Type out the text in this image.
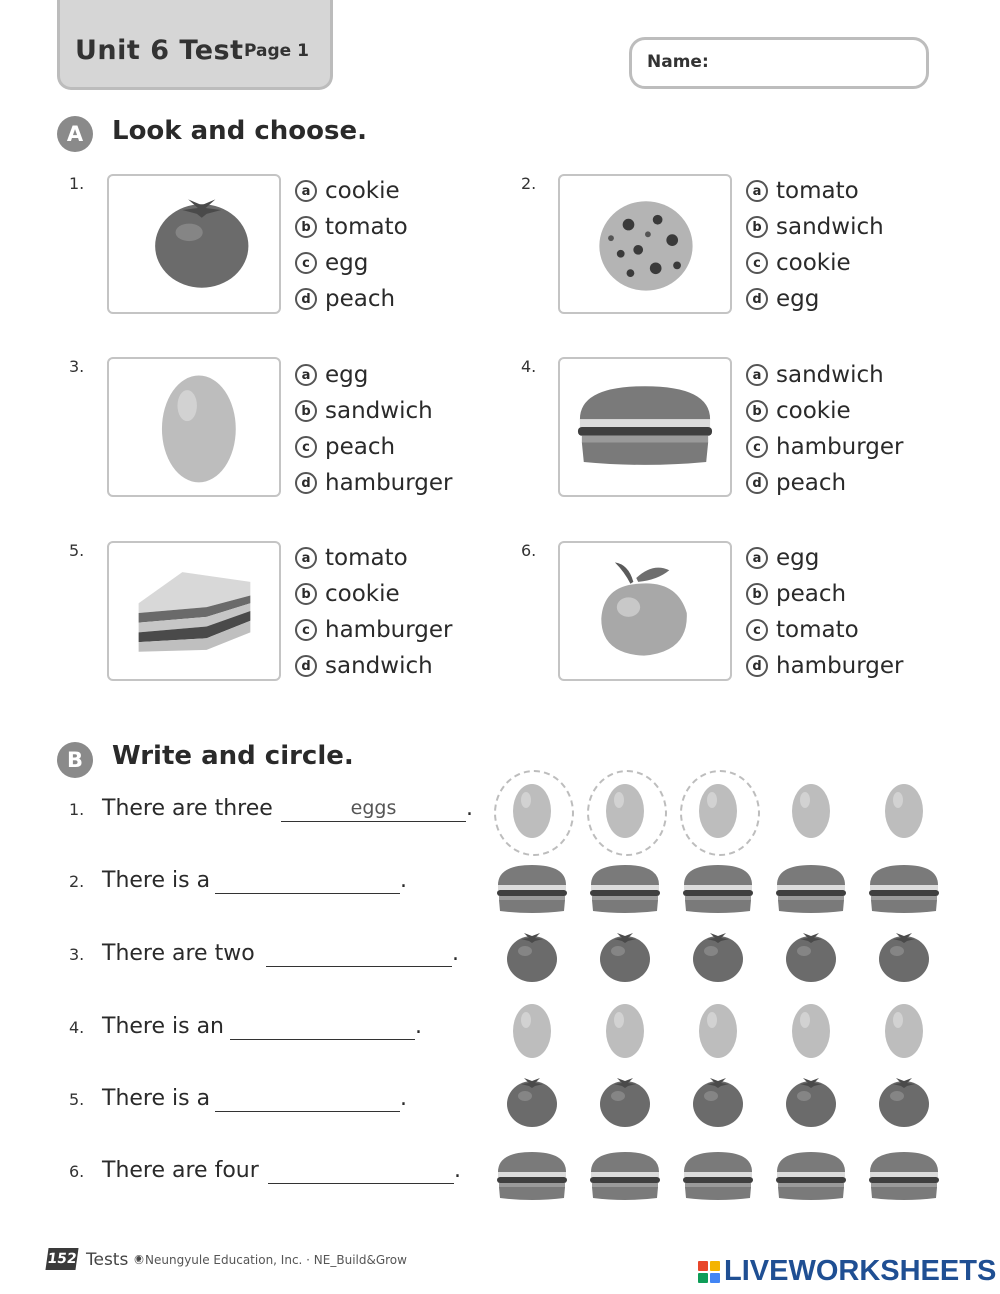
Unit 6 Test Page 1
Name:
A	Look and choose.
1.	a cookie
b tomato
c egg
d peach
2.	a tomato
b sandwich
c cookie
d egg
3.	a egg
b sandwich
c peach
d hamburger
4.	a sandwich
b cookie
c hamburger
d peach
5.	a tomato
b cookie
c hamburger
d sandwich
6.	a egg
b peach
c tomato
d hamburger
B	Write and circle.
1. There are three
eggs	.
2. There is a	.
3. There are two	.
4. There is an	.
5. There is a	.
6. There are four	.
152 Tests •
©Neungyule Education, Inc. · NE_Build&Grow	LIVEWORKSHEETS
